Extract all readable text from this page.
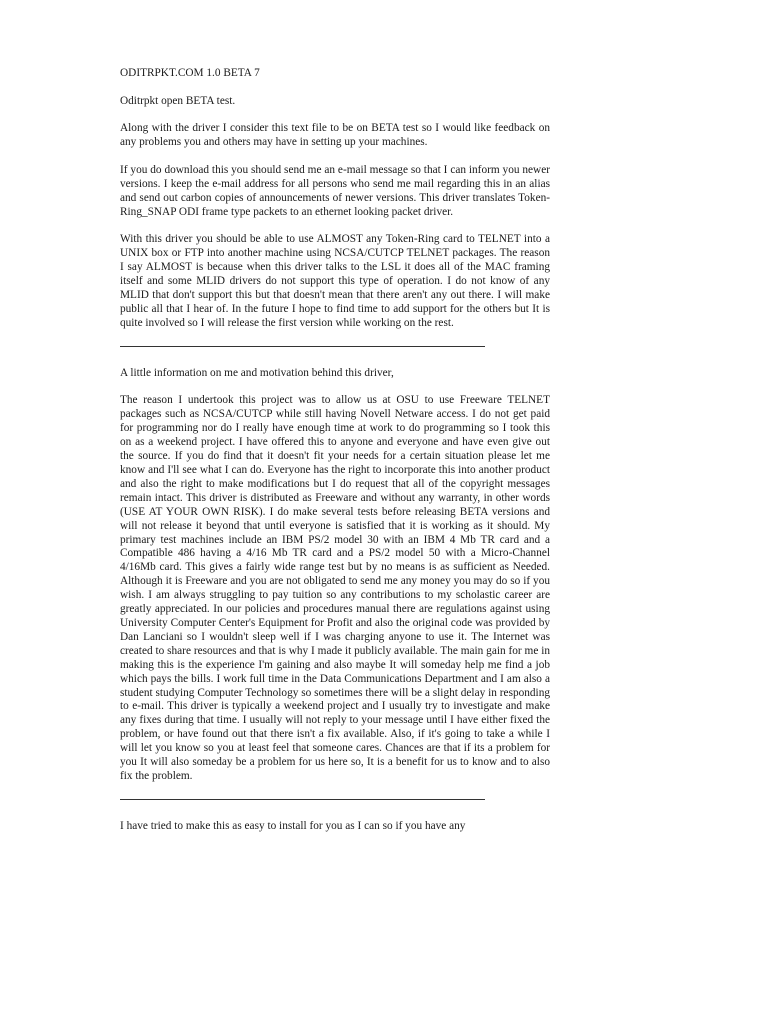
ODITRPKT.COM 1.0 BETA 7

Oditrpkt open BETA test.

Along with the driver I consider this text file to be on BETA test so I would like feedback on any problems you and others may have in setting up your machines.

If you do download this you should send me an e-mail message so that I can inform you newer versions. I keep the e-mail address for all persons who send me mail regarding this in an alias and send out carbon copies of announcements of newer versions. This driver translates Token-Ring_SNAP ODI frame type packets to an ethernet looking packet driver.

With this driver you should be able to use ALMOST any Token-Ring card to TELNET into a UNIX box or FTP into another machine using NCSA/CUTCP TELNET packages. The reason I say ALMOST is because when this driver talks to the LSL it does all of the MAC framing itself and some MLID drivers do not support this type of operation. I do not know of any MLID that don't support this but that doesn't mean that there aren't any out there. I will make public all that I hear of. In the future I hope to find time to add support for the others but It is quite involved so I will release the first version while working on the rest.

A little information on me and motivation behind this driver,

The reason I undertook this project was to allow us at OSU to use Freeware TELNET packages such as NCSA/CUTCP while still having Novell Netware access. I do not get paid for programming nor do I really have enough time at work to do programming so I took this on as a weekend project. I have offered this to anyone and everyone and have even give out the source. If you do find that it doesn't fit your needs for a certain situation please let me know and I'll see what I can do. Everyone has the right to incorporate this into another product and also the right to make modifications but I do request that all of the copyright messages remain intact. This driver is distributed as Freeware and without any warranty, in other words (USE AT YOUR OWN RISK). I do make several tests before releasing BETA versions and will not release it beyond that until everyone is satisfied that it is working as it should. My primary test machines include an IBM PS/2 model 30 with an IBM 4 Mb TR card and a Compatible 486 having a 4/16 Mb TR card and a PS/2 model 50 with a Micro-Channel 4/16Mb card. This gives a fairly wide range test but by no means is as sufficient as Needed. Although it is Freeware and you are not obligated to send me any money you may do so if you wish. I am always struggling to pay tuition so any contributions to my scholastic career are greatly appreciated. In our policies and procedures manual there are regulations against using University Computer Center's Equipment for Profit and also the original code was provided by Dan Lanciani so I wouldn't sleep well if I was charging anyone to use it. The Internet was created to share resources and that is why I made it publicly available. The main gain for me in making this is the experience I'm gaining and also maybe It will someday help me find a job which pays the bills. I work full time in the Data Communications Department and I am also a student studying Computer Technology so sometimes there will be a slight delay in responding to e-mail. This driver is typically a weekend project and I usually try to investigate and make any fixes during that time. I usually will not reply to your message until I have either fixed the problem, or have found out that there isn't a fix available. Also, if it's going to take a while I will let you know so you at least feel that someone cares. Chances are that if its a problem for you It will also someday be a problem for us here so, It is a benefit for us to know and to also fix the problem.

I have tried to make this as easy to install for you as I can so if you have any
